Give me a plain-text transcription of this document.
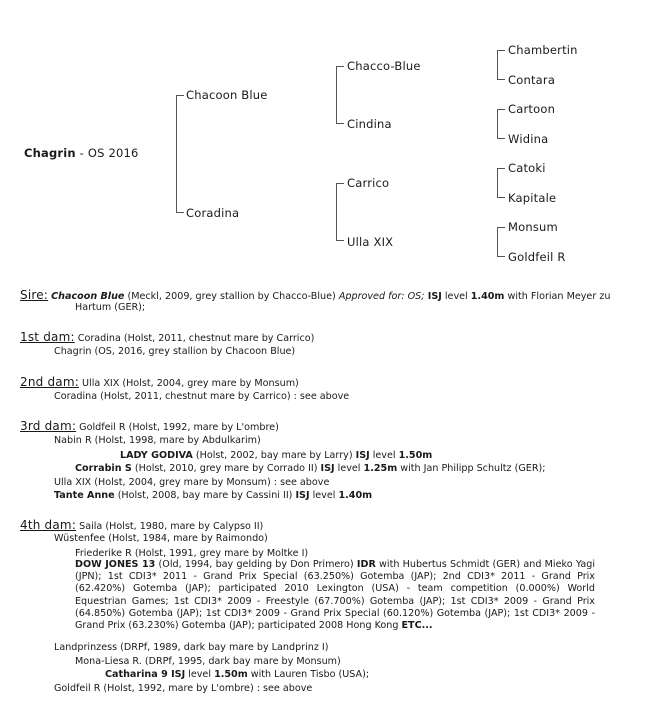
Chagrin - OS 2016
Chacoon Blue
Coradina
Chacco-Blue
Cindina
Carrico
Ulla XIX
Chambertin
Contara
Cartoon
Widina
Catoki
Kapitale
Monsum
Goldfeil R
Sire: Chacoon Blue (Meckl, 2009, grey stallion by Chacco-Blue) Approved for: OS; ISJ level 1.40m with Florian Meyer zu
Hartum (GER);
1st dam: Coradina (Holst, 2011, chestnut mare by Carrico)
Chagrin (OS, 2016, grey stallion by Chacoon Blue)
2nd dam: Ulla XIX (Holst, 2004, grey mare by Monsum)
Coradina (Holst, 2011, chestnut mare by Carrico) : see above
3rd dam: Goldfeil R (Holst, 1992, mare by L'ombre)
Nabin R (Holst, 1998, mare by Abdulkarim)
LADY GODIVA (Holst, 2002, bay mare by Larry) ISJ level 1.50m
Corrabin S (Holst, 2010, grey mare by Corrado II) ISJ level 1.25m with Jan Philipp Schultz (GER);
Ulla XIX (Holst, 2004, grey mare by Monsum) : see above
Tante Anne (Holst, 2008, bay mare by Cassini II) ISJ level 1.40m
4th dam: Saila (Holst, 1980, mare by Calypso II)
Wüstenfee (Holst, 1984, mare by Raimondo)
Friederike R (Holst, 1991, grey mare by Moltke I)
DOW JONES 13 (Old, 1994, bay gelding by Don Primero) IDR with Hubertus Schmidt (GER) and Mieko Yagi (JPN); 1st CDI3* 2011 - Grand Prix Special (63.250%) Gotemba (JAP); 2nd CDI3* 2011 - Grand Prix (62.420%) Gotemba (JAP); participated 2010 Lexington (USA) - team competition (0.000%) World Equestrian Games; 1st CDI3* 2009 - Freestyle (67.700%) Gotemba (JAP); 1st CDI3* 2009 - Grand Prix (64.850%) Gotemba (JAP); 1st CDI3* 2009 - Grand Prix Special (60.120%) Gotemba (JAP); 1st CDI3* 2009 - Grand Prix (63.230%) Gotemba (JAP); participated 2008 Hong Kong ETC...
Landprinzess (DRPf, 1989, dark bay mare by Landprinz I)
Mona-Liesa R. (DRPf, 1995, dark bay mare by Monsum)
Catharina 9 ISJ level 1.50m with Lauren Tisbo (USA);
Goldfeil R (Holst, 1992, mare by L'ombre) : see above
